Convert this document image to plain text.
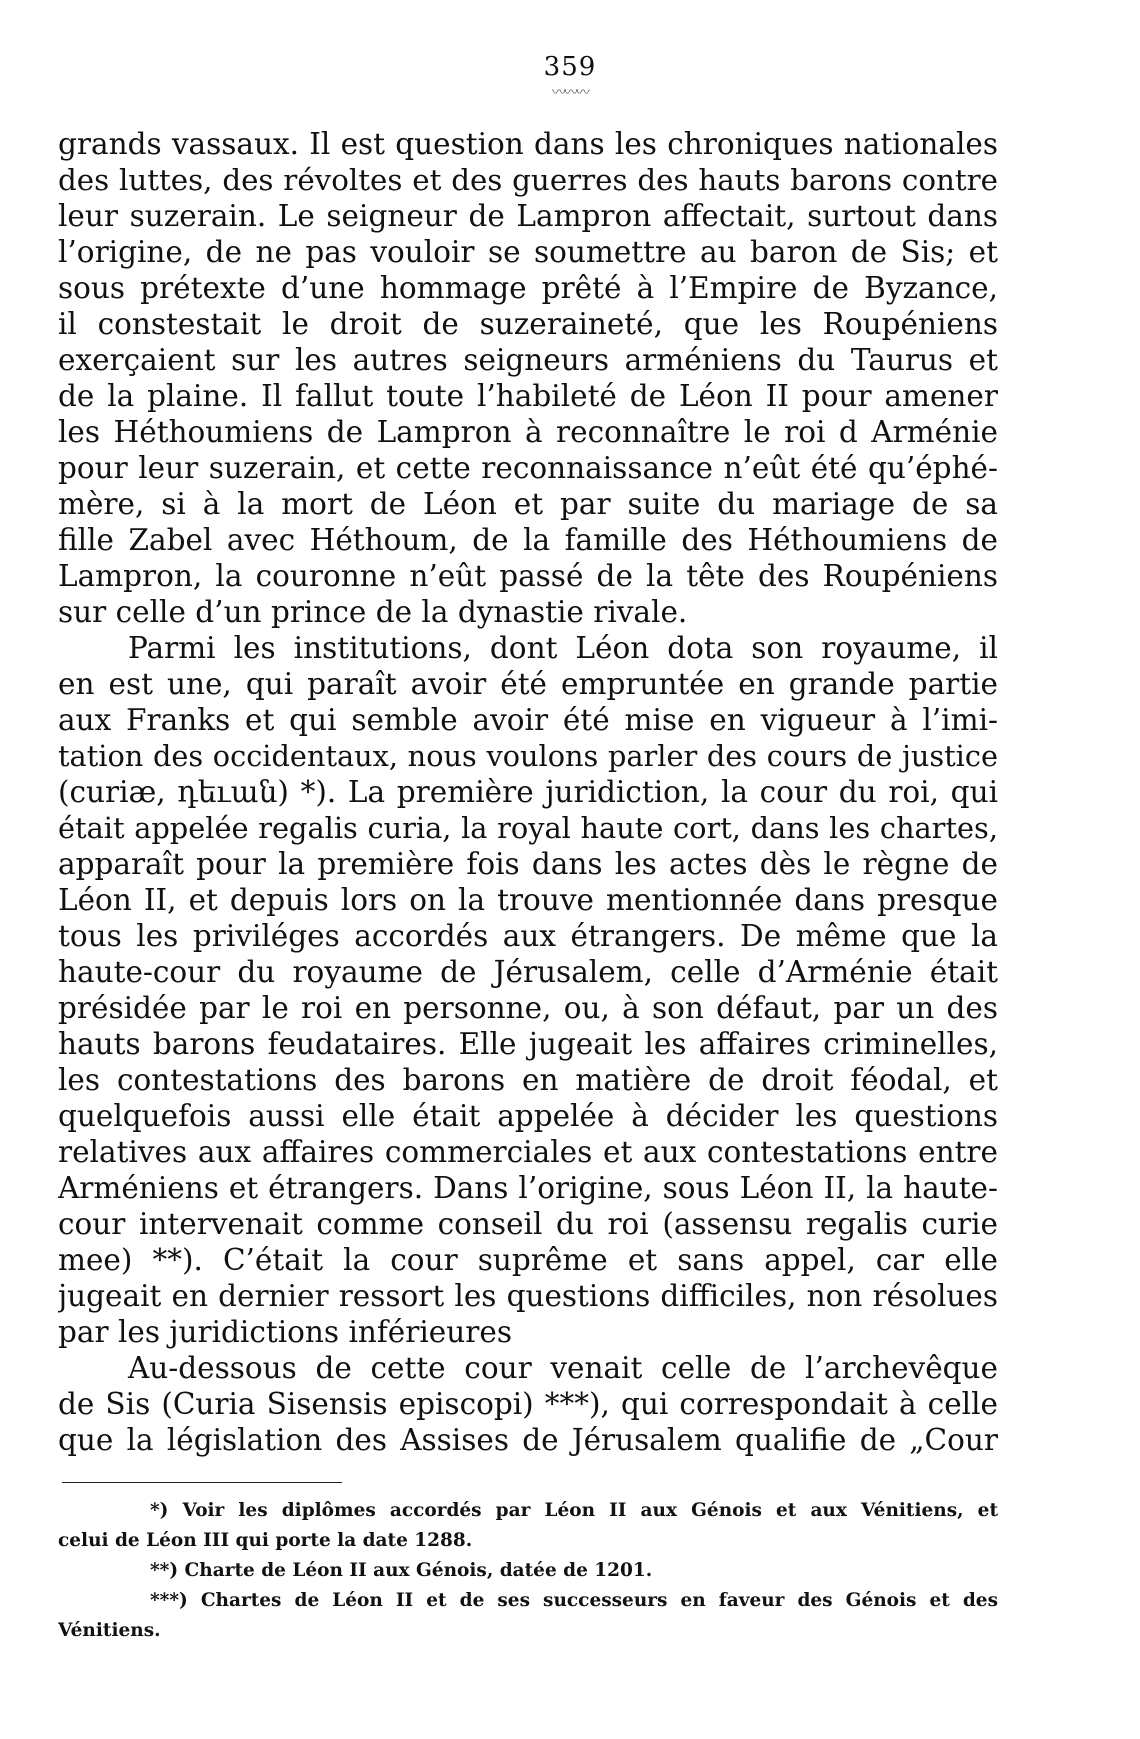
359
〰〰〰
grands vassaux. Il est question dans les chroniques nationales
des luttes, des révoltes et des guerres des hauts barons contre
leur suzerain. Le seigneur de Lampron affectait, surtout dans
l’origine, de ne pas vouloir se soumettre au baron de Sis; et
sous prétexte d’une hommage prêté à l’Empire de Byzance,
il constestait le droit de suzeraineté, que les Roupéniens
exerçaient sur les autres seigneurs arméniens du Taurus et
de la plaine. Il fallut toute l’habileté de Léon II pour amener
les Héthoumiens de Lampron à reconnaître le roi d Arménie
pour leur suzerain, et cette reconnaissance n’eût été qu’éphé-
mère, si à la mort de Léon et par suite du mariage de sa
fille Zabel avec Héthoum, de la famille des Héthoumiens de
Lampron, la couronne n’eût passé de la tête des Roupéniens
sur celle d’un prince de la dynastie rivale.
Parmi les institutions, dont Léon dota son royaume, il
en est une, qui paraît avoir été empruntée en grande partie
aux Franks et qui semble avoir été mise en vigueur à l’imi-
tation des occidentaux, nous voulons parler des cours de justice
(curiæ, դեւան) *). La première juridiction, la cour du roi, qui
était appelée regalis curia, la royal haute cort, dans les chartes,
apparaît pour la première fois dans les actes dès le règne de
Léon II, et depuis lors on la trouve mentionnée dans presque
tous les priviléges accordés aux étrangers. De même que la
haute-cour du royaume de Jérusalem, celle d’Arménie était
présidée par le roi en personne, ou, à son défaut, par un des
hauts barons feudataires. Elle jugeait les affaires criminelles,
les contestations des barons en matière de droit féodal, et
quelquefois aussi elle était appelée à décider les questions
relatives aux affaires commerciales et aux contestations entre
Arméniens et étrangers. Dans l’origine, sous Léon II, la haute-
cour intervenait comme conseil du roi (assensu regalis curie
mee) **). C’était la cour suprême et sans appel, car elle
jugeait en dernier ressort les questions difficiles, non résolues
par les juridictions inférieures
Au-dessous de cette cour venait celle de l’archevêque
de Sis (Curia Sisensis episcopi) ***), qui correspondait à celle
que la législation des Assises de Jérusalem qualifie de „Cour
*) Voir les diplômes accordés par Léon II aux Génois et aux Vénitiens, et
celui de Léon III qui porte la date 1288.
**) Charte de Léon II aux Génois, datée de 1201.
***) Chartes de Léon II et de ses successeurs en faveur des Génois et des
Vénitiens.
